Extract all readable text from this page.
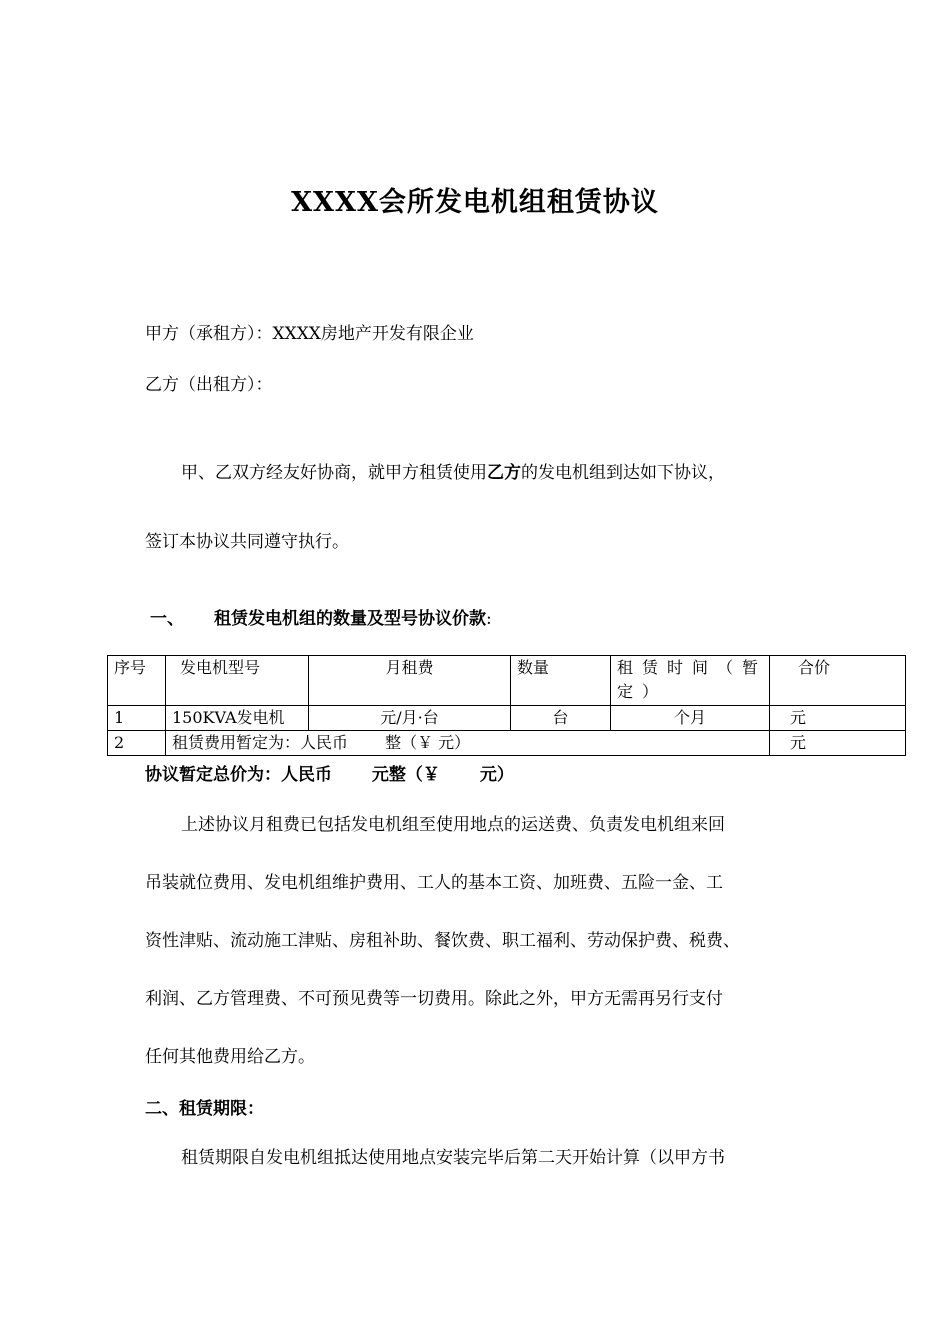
XXXX会所发电机组租赁协议
甲方（承租方）：XXXX房地产开发有限企业
乙方（出租方）：
甲、乙双方经友好协商，就甲方租赁使用乙方的发电机组到达如下协议，
签订本协议共同遵守执行。
一、 租赁发电机组的数量及型号协议价款:
序号	发电机型号	月租费	数量	租赁时间（暂定）	合价
1	150KVA发电机	元/月·台	台	个月	元
2	租赁费用暂定为：人民币　　 整（￥ 元）				元
协议暂定总价为：人民币　　 元整（￥　　 元）
上述协议月租费已包括发电机组至使用地点的运送费、负责发电机组来回
吊装就位费用、发电机组维护费用、工人的基本工资、加班费、五险一金、工
资性津贴、流动施工津贴、房租补助、餐饮费、职工福利、劳动保护费、税费、
利润、乙方管理费、不可预见费等一切费用。除此之外，甲方无需再另行支付
任何其他费用给乙方。
二、租赁期限：
租赁期限自发电机组抵达使用地点安装完毕后第二天开始计算（以甲方书
